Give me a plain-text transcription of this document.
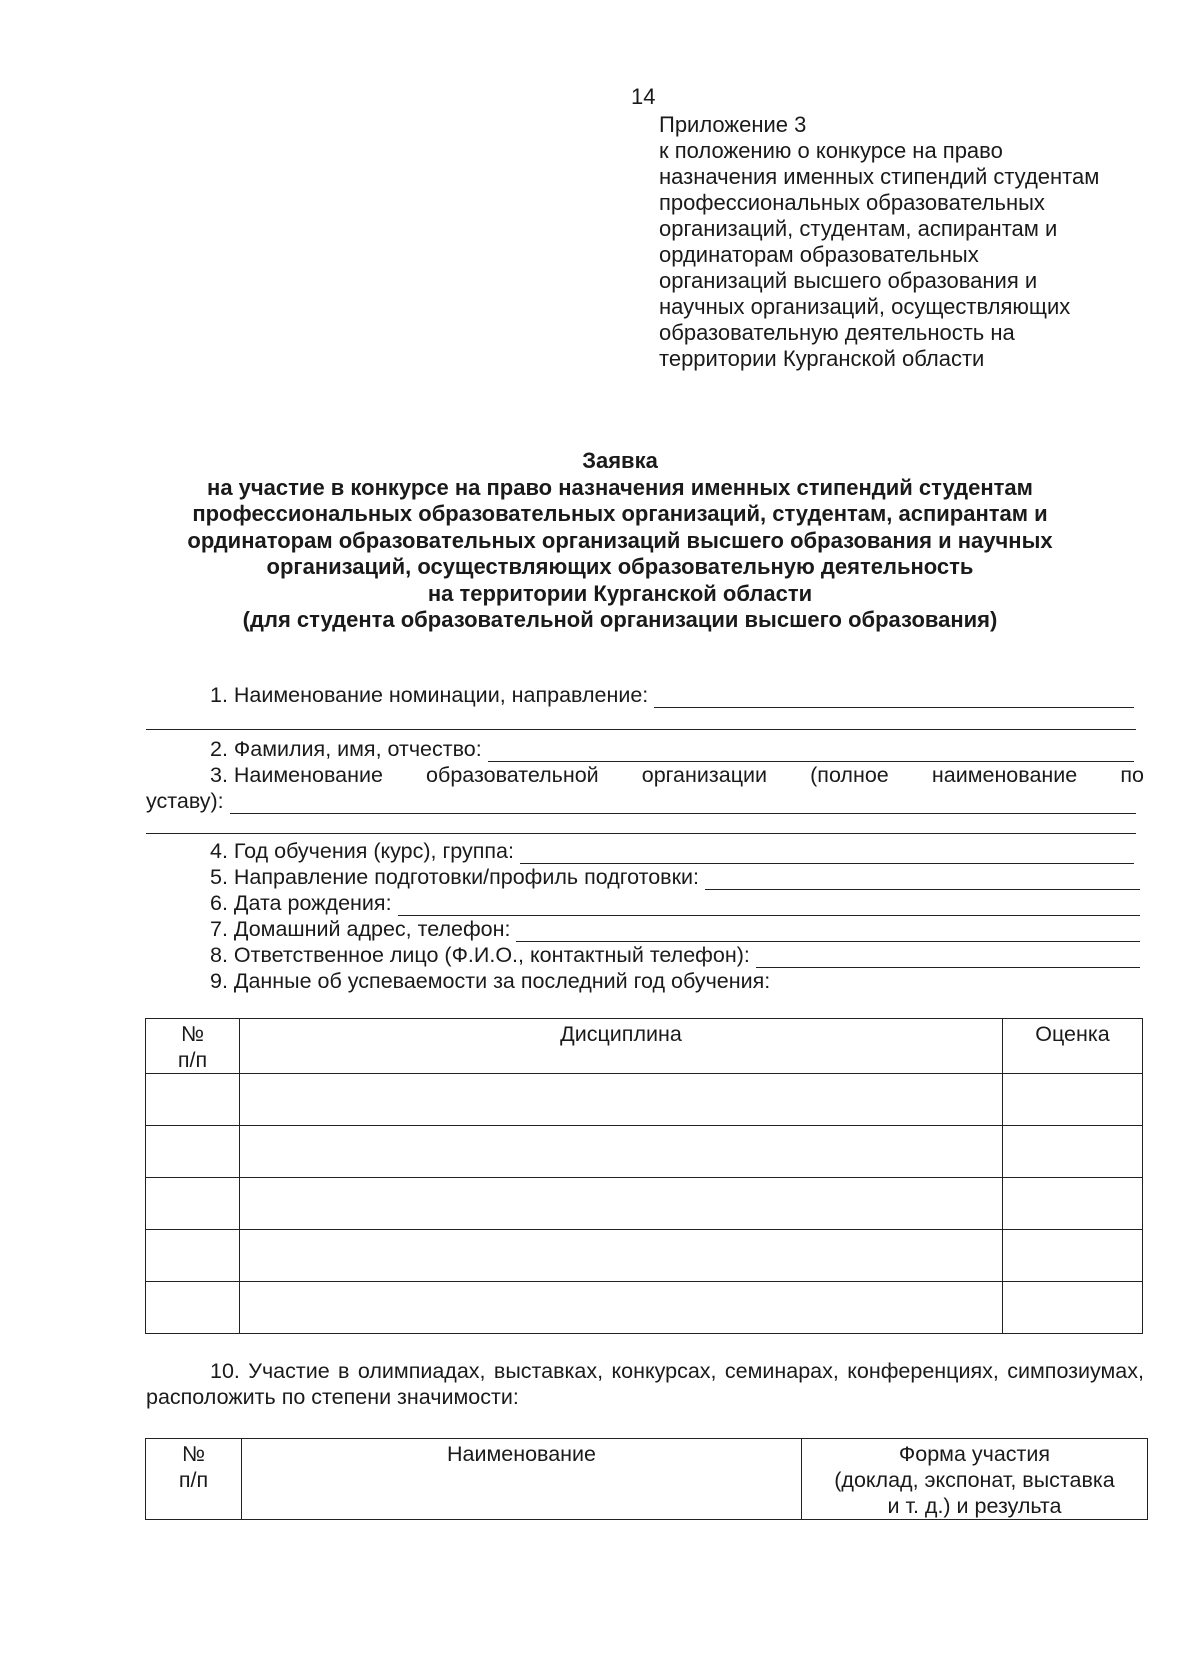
14
Приложение 3
к положению о конкурсе на право
назначения именных стипендий студентам
профессиональных образовательных
организаций, студентам, аспирантам и
ординаторам образовательных
организаций высшего образования и
научных организаций, осуществляющих
образовательную деятельность на
территории Курганской области
Заявка
на участие в конкурсе на право назначения именных стипендий студентам
профессиональных образовательных организаций, студентам, аспирантам и
ординаторам образовательных организаций высшего образования и научных
организаций, осуществляющих образовательную деятельность
на территории Курганской области
(для студента образовательной организации высшего образования)
1. Наименование номинации, направление:
2. Фамилия, имя, отчество:
3. Наименование образовательной организации (полное наименование по
уставу):
4. Год обучения (курс), группа:
5. Направление подготовки/профиль подготовки:
6. Дата рождения:
7. Домашний адрес, телефон:
8. Ответственное лицо (Ф.И.О., контактный телефон):
9. Данные об успеваемости за последний год обучения:
№
п/п	Дисциплина	Оценка

10. Участие в олимпиадах, выставках, конкурсах, семинарах, конференциях, симпозиумах, расположить по степени значимости:
№
п/п	Наименование	Форма участия
(доклад, экспонат, выставка
и т. д.) и результа
